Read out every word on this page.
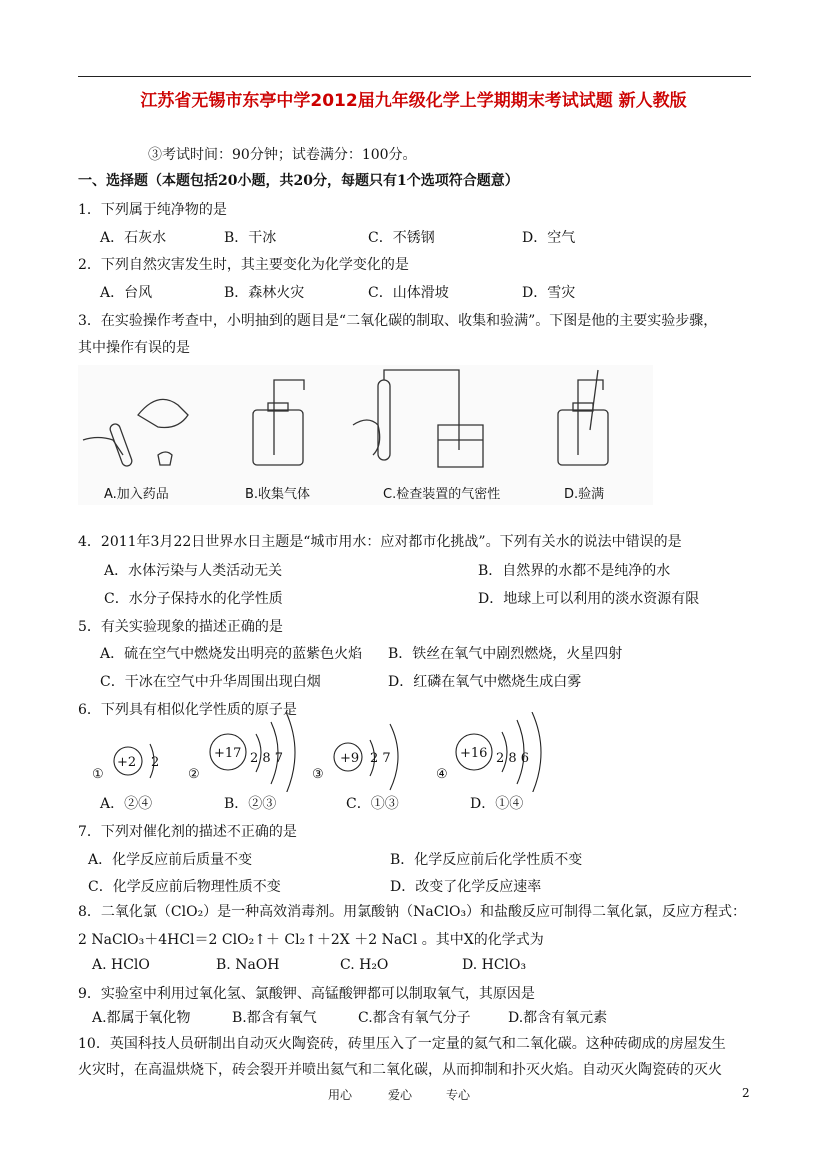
江苏省无锡市东亭中学2012届九年级化学上学期期末考试试题 新人教版
③考试时间：90分钟；试卷满分：100分。
一、选择题（本题包括20小题，共20分，每题只有1个选项符合题意）
1．下列属于纯净物的是
A．石灰水	B．干冰	C．不锈钢	D．空气
2．下列自然灾害发生时，其主要变化为化学变化的是
A．台风	B．森林火灾	C．山体滑坡	D．雪灾
3．在实验操作考查中，小明抽到的题目是“二氧化碳的制取、收集和验满”。下图是他的主要实验步骤，
其中操作有误的是
A.加入药品	B.收集气体	C.检查装置的气密性	D.验满
4．2011年3月22日世界水日主题是“城市用水：应对都市化挑战”。下列有关水的说法中错误的是
A．水体污染与人类活动无关	B．自然界的水都不是纯净的水
C．水分子保持水的化学性质	D．地球上可以利用的淡水资源有限
5．有关实验现象的描述正确的是
A．硫在空气中燃烧发出明亮的蓝紫色火焰 B．铁丝在氧气中剧烈燃烧，火星四射
C．干冰在空气中升华周围出现白烟	D．红磷在氧气中燃烧生成白雾
6．下列具有相似化学性质的原子是
①
+2 2
②
+17 2 8 7
③
+9 2 7
④
+16 2 8 6
A．②④	B．②③	C．①③	D．①④
7．下列对催化剂的描述不正确的是
A．化学反应前后质量不变	B．化学反应前后化学性质不变
C．化学反应前后物理性质不变	D．改变了化学反应速率
8．二氧化氯（ClO₂）是一种高效消毒剂。用氯酸钠（NaClO₃）和盐酸反应可制得二氧化氯，反应方程式：
2 NaClO₃＋4HCl＝2 ClO₂↑＋ Cl₂↑＋2X ＋2 NaCl 。其中X的化学式为
A. HClO	B. NaOH	C. H₂O	D. HClO₃
9．实验室中利用过氧化氢、氯酸钾、高锰酸钾都可以制取氧气，其原因是
A.都属于氧化物	B.都含有氧气	C.都含有氧气分子	D.都含有氧元素
10．英国科技人员研制出自动灭火陶瓷砖，砖里压入了一定量的氦气和二氧化碳。这种砖砌成的房屋发生
火灾时，在高温烘烧下，砖会裂开并喷出氦气和二氧化碳，从而抑制和扑灭火焰。自动灭火陶瓷砖的灭火
用心	爱心	专心	2
